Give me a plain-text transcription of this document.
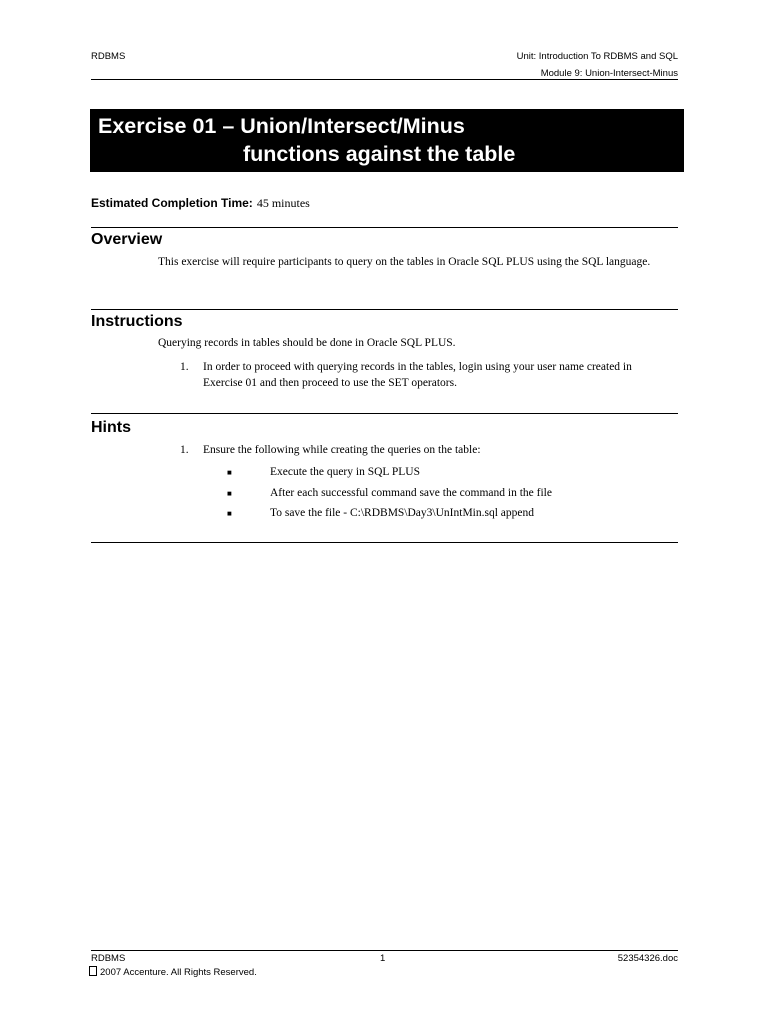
RDBMS	Unit: Introduction To RDBMS and SQL
Module 9: Union-Intersect-Minus
Exercise 01 – Union/Intersect/Minus
functions against the table
Estimated Completion Time: 45 minutes
Overview
This exercise will require participants to query on the tables in Oracle SQL PLUS using the SQL language.
Instructions
Querying records in tables should be done in Oracle SQL PLUS.
1. In order to proceed with querying records in the tables, login using your user name created in Exercise 01 and then proceed to use the SET operators.
Hints
1. Ensure the following while creating the queries on the table:
■	Execute the query in SQL PLUS
■	After each successful command save the command in the file
■	To save the file - C:\RDBMS\Day3\UnIntMin.sql append
RDBMS	1	52354326.doc
2007 Accenture. All Rights Reserved.
